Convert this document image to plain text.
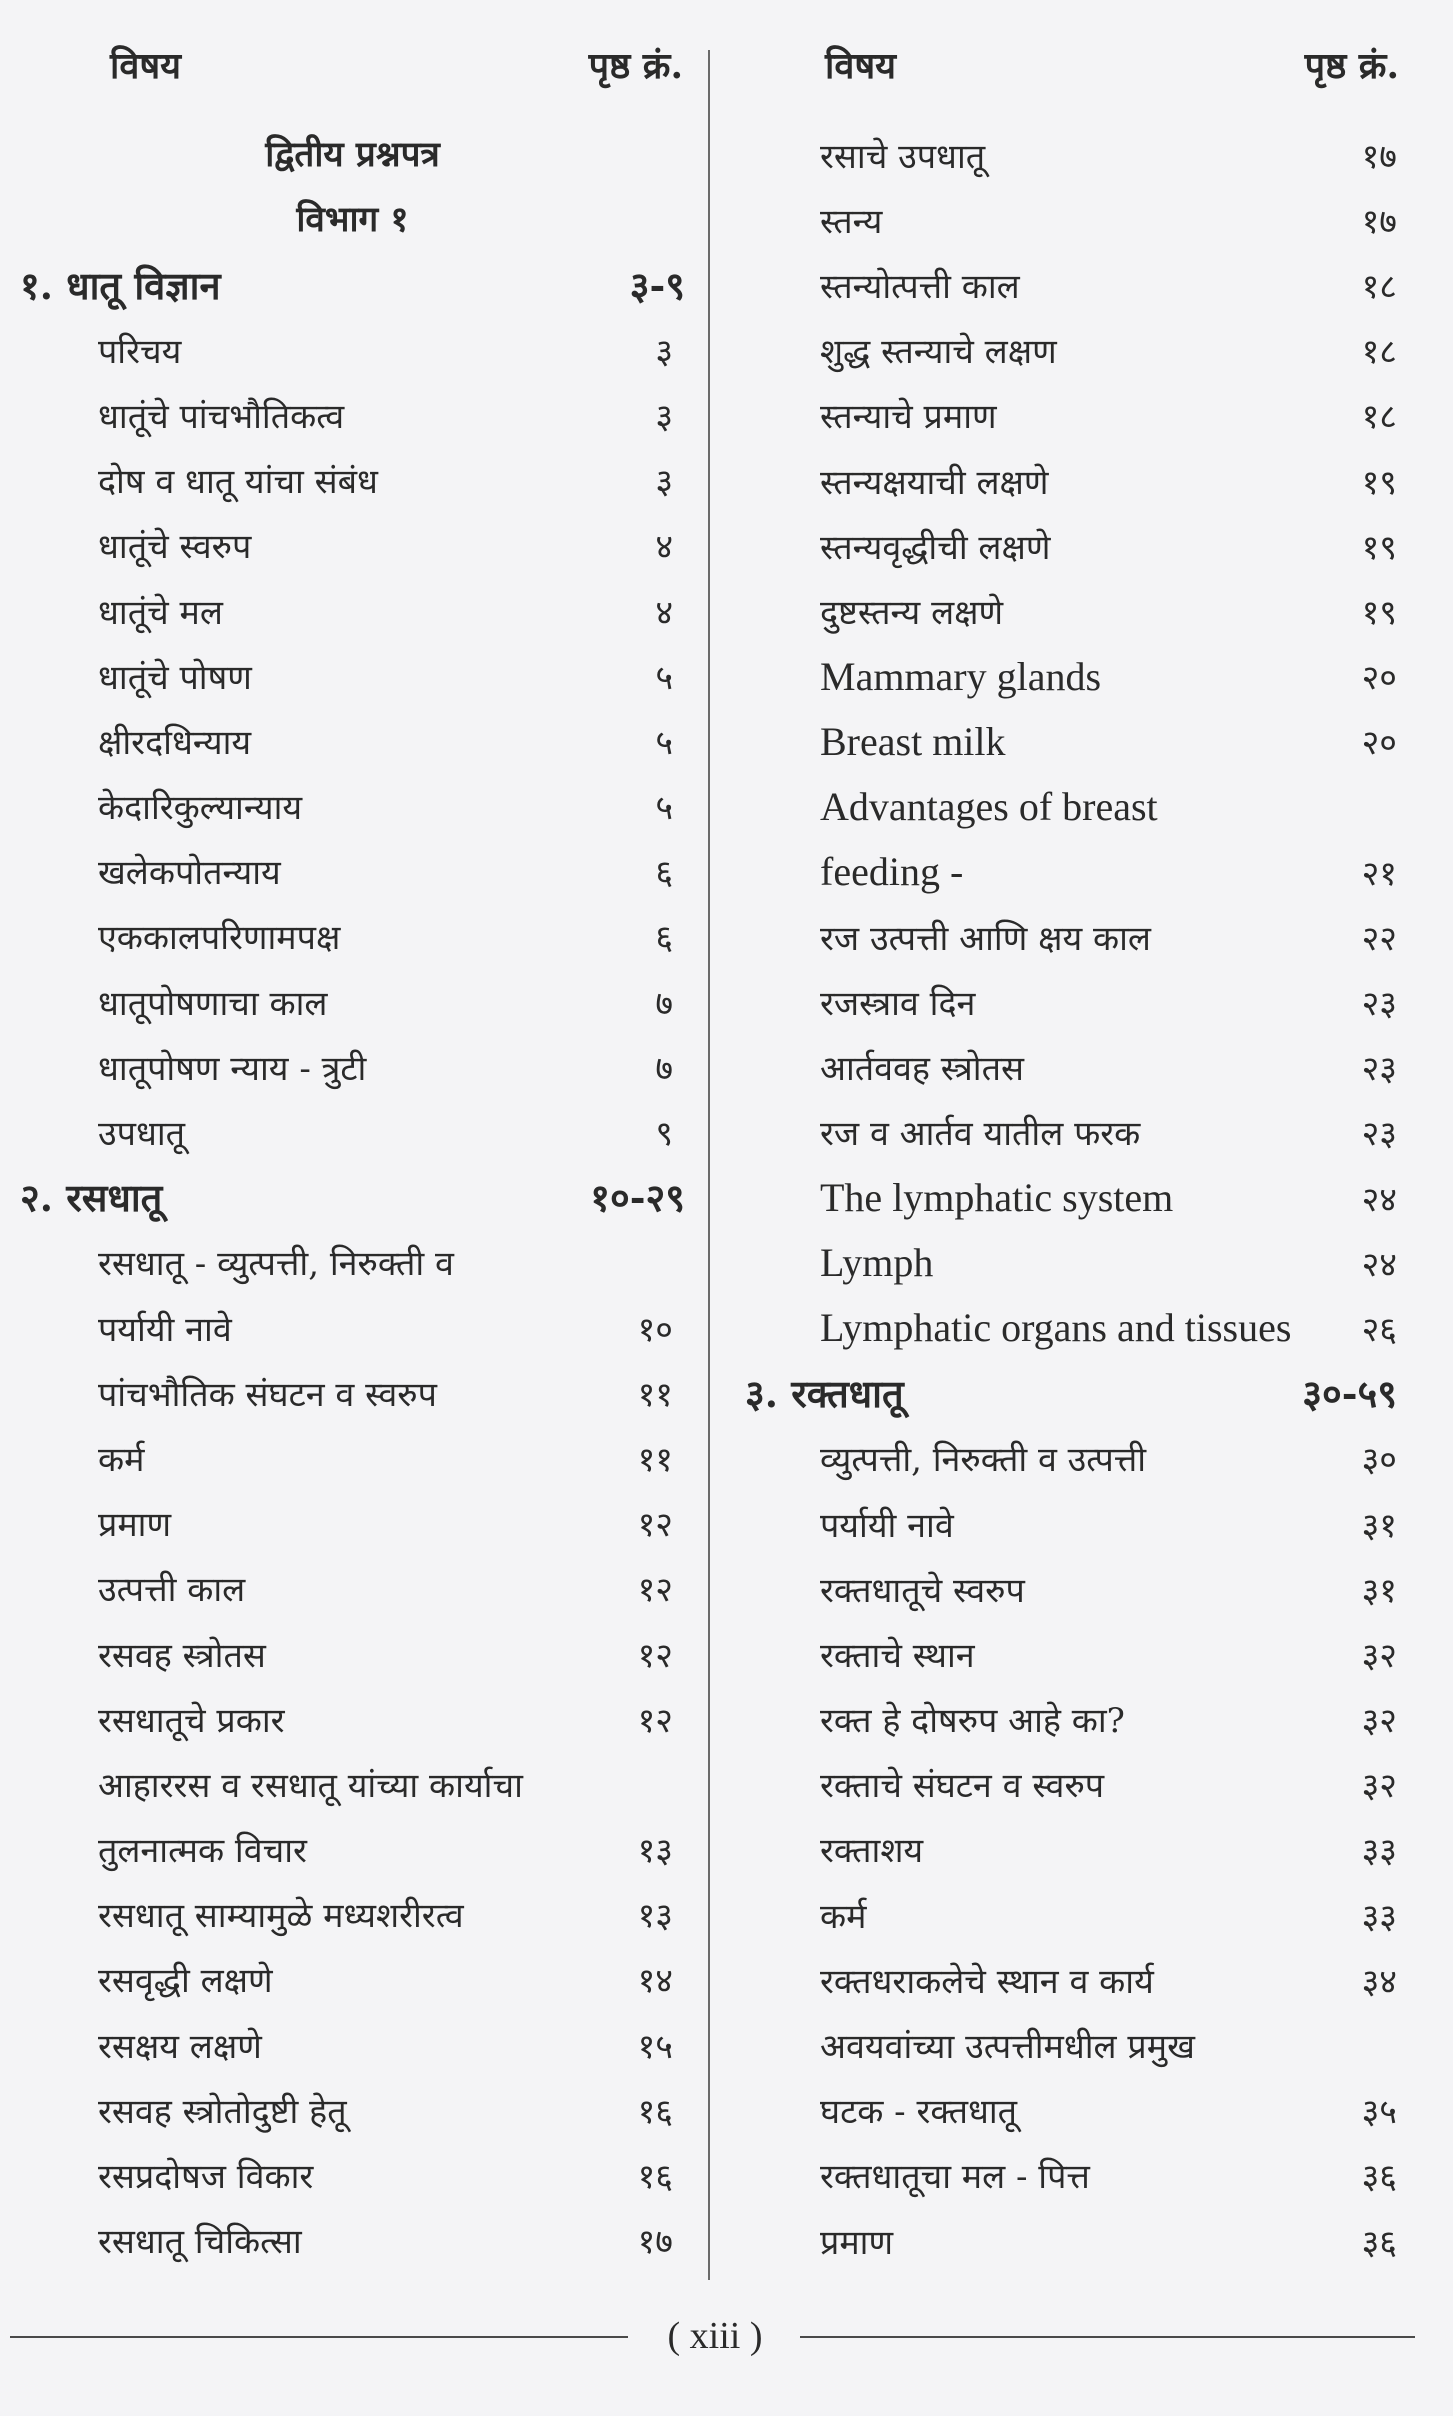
विषय	पृष्ठ क्रं.
द्वितीय प्रश्नपत्र
विभाग १
१. धातू विज्ञान	३-९
परिचय	३
धातूंचे पांचभौतिकत्व	३
दोष व धातू यांचा संबंध	३
धातूंचे स्वरुप	४
धातूंचे मल	४
धातूंचे पोषण	५
क्षीरदधिन्याय	५
केदारिकुल्यान्याय	५
खलेकपोतन्याय	६
एककालपरिणामपक्ष	६
धातूपोषणाचा काल	७
धातूपोषण न्याय - त्रुटी	७
उपधातू	९
२. रसधातू	१०-२९
रसधातू - व्युत्पत्ती, निरुक्ती व
पर्यायी नावे	१०
पांचभौतिक संघटन व स्वरुप	११
कर्म	११
प्रमाण	१२
उत्पत्ती काल	१२
रसवह स्त्रोतस	१२
रसधातूचे प्रकार	१२
आहाररस व रसधातू यांच्या कार्याचा
तुलनात्मक विचार	१३
रसधातू साम्यामुळे मध्यशरीरत्व	१३
रसवृद्धी लक्षणे	१४
रसक्षय लक्षणे	१५
रसवह स्त्रोतोदुष्टी हेतू	१६
रसप्रदोषज विकार	१६
रसधातू चिकित्सा	१७
विषय	पृष्ठ क्रं.
रसाचे उपधातू	१७
स्तन्य	१७
स्तन्योत्पत्ती काल	१८
शुद्ध स्तन्याचे लक्षण	१८
स्तन्याचे प्रमाण	१८
स्तन्यक्षयाची लक्षणे	१९
स्तन्यवृद्धीची लक्षणे	१९
दुष्टस्तन्य लक्षणे	१९
Mammary glands	२०
Breast milk	२०
Advantages of breast
feeding -	२१
रज उत्पत्ती आणि क्षय काल	२२
रजस्त्राव दिन	२३
आर्तववह स्त्रोतस	२३
रज व आर्तव यातील फरक	२३
The lymphatic system	२४
Lymph	२४
Lymphatic organs and tissues २६
३. रक्तधातू	३०-५९
व्युत्पत्ती, निरुक्ती व उत्पत्ती	३०
पर्यायी नावे	३१
रक्तधातूचे स्वरुप	३१
रक्ताचे स्थान	३२
रक्त हे दोषरुप आहे का?	३२
रक्ताचे संघटन व स्वरुप	३२
रक्ताशय	३३
कर्म	३३
रक्तधराकलेचे स्थान व कार्य	३४
अवयवांच्या उत्पत्तीमधील प्रमुख
घटक - रक्तधातू	३५
रक्तधातूचा मल - पित्त	३६
प्रमाण	३६
( xiii )
